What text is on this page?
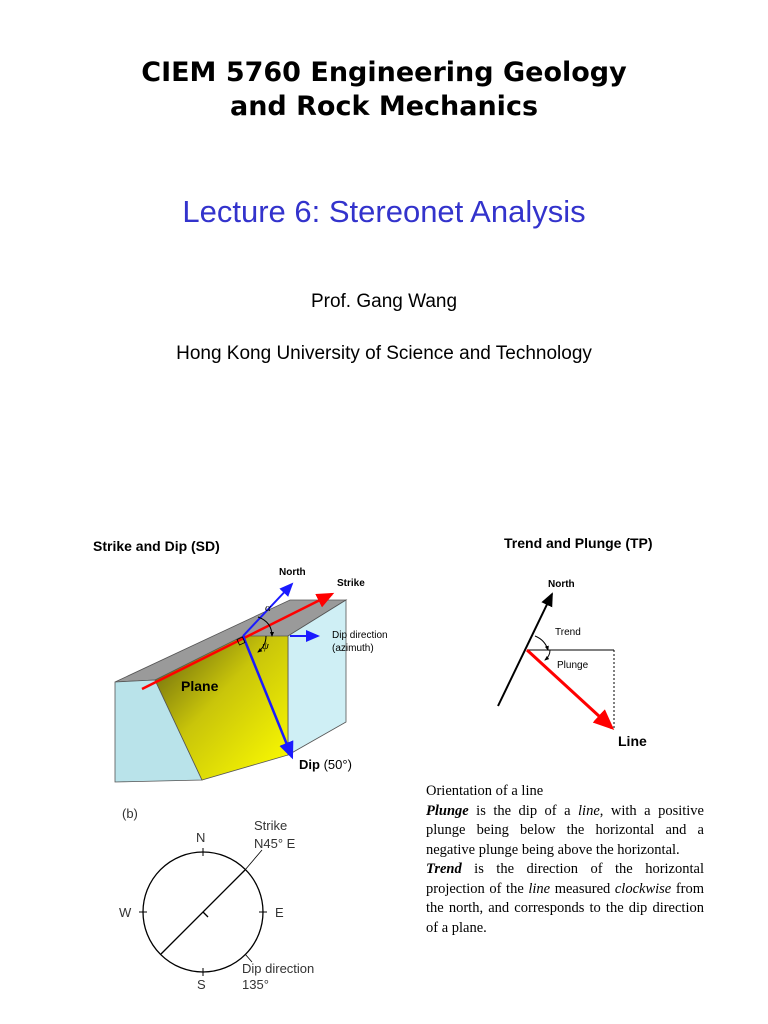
CIEM 5760 Engineering Geology
and Rock Mechanics
Lecture 6: Stereonet Analysis
Prof. Gang Wang
Hong Kong University of Science and Technology
Strike and Dip (SD)
North
Strike
α
ψ
Dip direction
(azimuth)
Plane
Dip (50°)
Trend and Plunge (TP)
North
Trend
Plunge
Line
(b)
N
S
W	E
Strike
N45° E
Dip direction
135°

Orientation of a line

Plunge is the dip of a line, with a positive plunge being below the horizontal and a negative plunge being above the horizontal.

Trend is the direction of the horizontal projection of the line measured clockwise from the north, and corresponds to the dip direction of a plane.
